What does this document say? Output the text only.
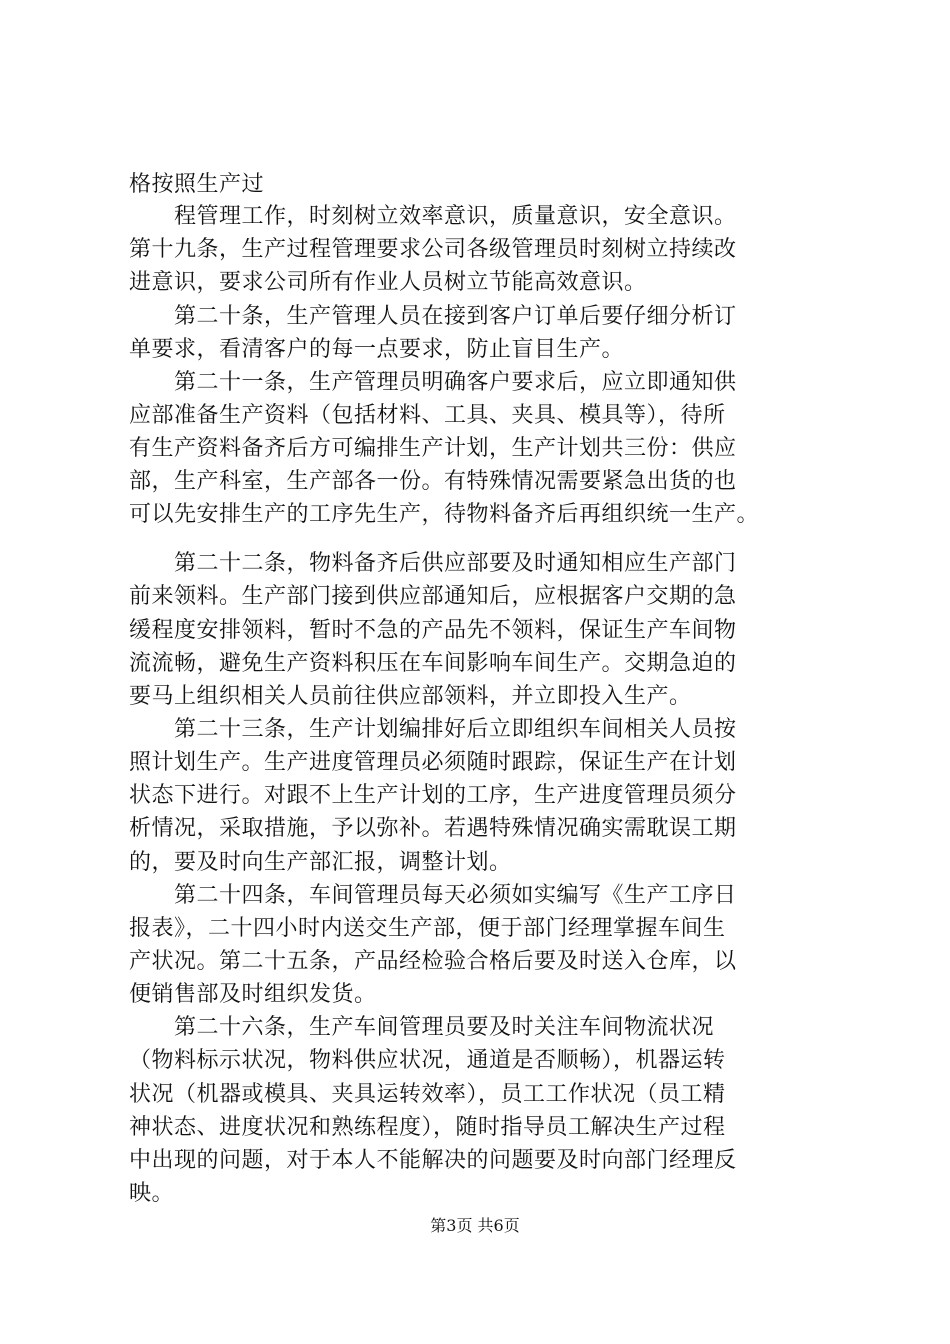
格按照生产过
　　程管理工作，时刻树立效率意识，质量意识，安全意识。
第十九条，生产过程管理要求公司各级管理员时刻树立持续改
进意识，要求公司所有作业人员树立节能高效意识。
　　第二十条，生产管理人员在接到客户订单后要仔细分析订
单要求，看清客户的每一点要求，防止盲目生产。
　　第二十一条，生产管理员明确客户要求后，应立即通知供
应部准备生产资料（包括材料、工具、夹具、模具等），待所
有生产资料备齐后方可编排生产计划，生产计划共三份：供应
部，生产科室，生产部各一份。有特殊情况需要紧急出货的也
可以先安排生产的工序先生产，待物料备齐后再组织统一生产。
　　第二十二条，物料备齐后供应部要及时通知相应生产部门
前来领料。生产部门接到供应部通知后，应根据客户交期的急
缓程度安排领料，暂时不急的产品先不领料，保证生产车间物
流流畅，避免生产资料积压在车间影响车间生产。交期急迫的
要马上组织相关人员前往供应部领料，并立即投入生产。
　　第二十三条，生产计划编排好后立即组织车间相关人员按
照计划生产。生产进度管理员必须随时跟踪，保证生产在计划
状态下进行。对跟不上生产计划的工序，生产进度管理员须分
析情况，采取措施，予以弥补。若遇特殊情况确实需耽误工期
的，要及时向生产部汇报，调整计划。
　　第二十四条，车间管理员每天必须如实编写《生产工序日
报表》，二十四小时内送交生产部，便于部门经理掌握车间生
产状况。第二十五条，产品经检验合格后要及时送入仓库，以
便销售部及时组织发货。
　　第二十六条，生产车间管理员要及时关注车间物流状况
（物料标示状况，物料供应状况，通道是否顺畅），机器运转
状况（机器或模具、夹具运转效率），员工工作状况（员工精
神状态、进度状况和熟练程度），随时指导员工解决生产过程
中出现的问题，对于本人不能解决的问题要及时向部门经理反
映。
第3页 共6页
